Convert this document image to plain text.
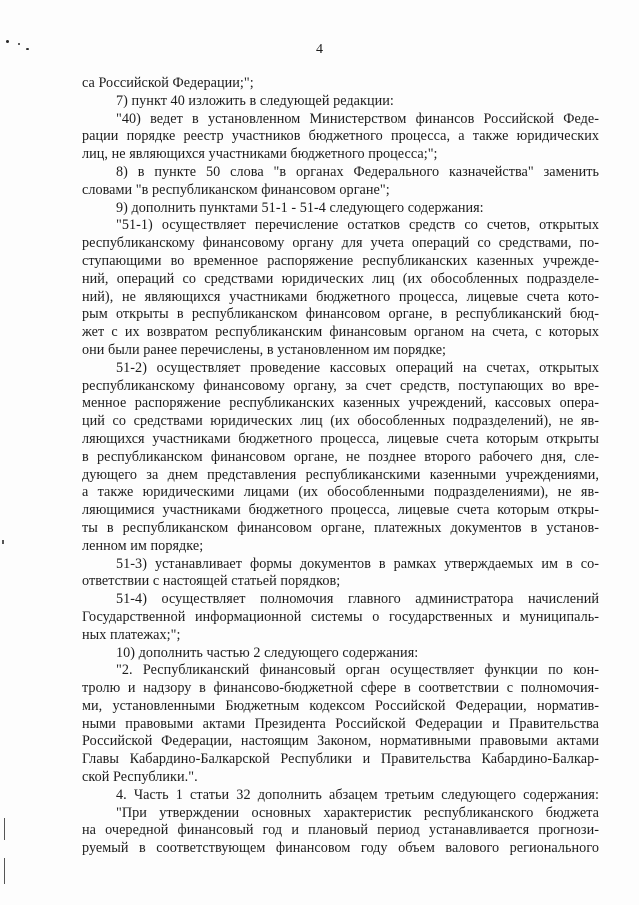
4
са Российской Федерации;";
7) пункт 40 изложить в следующей редакции:
"40) ведет в установленном Министерством финансов Российской Феде-
рации порядке реестр участников бюджетного процесса, а также юридических
лиц, не являющихся участниками бюджетного процесса;";
8) в пункте 50 слова "в органах Федерального казначейства" заменить
словами "в республиканском финансовом органе";
9) дополнить пунктами 51-1 - 51-4 следующего содержания:
"51-1) осуществляет перечисление остатков средств со счетов, открытых
республиканскому финансовому органу для учета операций со средствами, по-
ступающими во временное распоряжение республиканских казенных учрежде-
ний, операций со средствами юридических лиц (их обособленных подразделе-
ний), не являющихся участниками бюджетного процесса, лицевые счета кото-
рым открыты в республиканском финансовом органе, в республиканский бюд-
жет с их возвратом республиканским финансовым органом на счета, с которых
они были ранее перечислены, в установленном им порядке;
51-2) осуществляет проведение кассовых операций на счетах, открытых
республиканскому финансовому органу, за счет средств, поступающих во вре-
менное распоряжение республиканских казенных учреждений, кассовых опера-
ций со средствами юридических лиц (их обособленных подразделений), не яв-
ляющихся участниками бюджетного процесса, лицевые счета которым открыты
в республиканском финансовом органе, не позднее второго рабочего дня, сле-
дующего за днем представления республиканскими казенными учреждениями,
а также юридическими лицами (их обособленными подразделениями), не яв-
ляющимися участниками бюджетного процесса, лицевые счета которым откры-
ты в республиканском финансовом органе, платежных документов в установ-
ленном им порядке;
51-3) устанавливает формы документов в рамках утверждаемых им в со-
ответствии с настоящей статьей порядков;
51-4) осуществляет полномочия главного администратора начислений
Государственной информационной системы о государственных и муниципаль-
ных платежах;";
10) дополнить частью 2 следующего содержания:
"2. Республиканский финансовый орган осуществляет функции по кон-
тролю и надзору в финансово-бюджетной сфере в соответствии с полномочия-
ми, установленными Бюджетным кодексом Российской Федерации, норматив-
ными правовыми актами Президента Российской Федерации и Правительства
Российской Федерации, настоящим Законом, нормативными правовыми актами
Главы Кабардино-Балкарской Республики и Правительства Кабардино-Балкар-
ской Республики.".
4. Часть 1 статьи 32 дополнить абзацем третьим следующего содержания:
"При утверждении основных характеристик республиканского бюджета
на очередной финансовый год и плановый период устанавливается прогнози-
руемый в соответствующем финансовом году объем валового регионального
